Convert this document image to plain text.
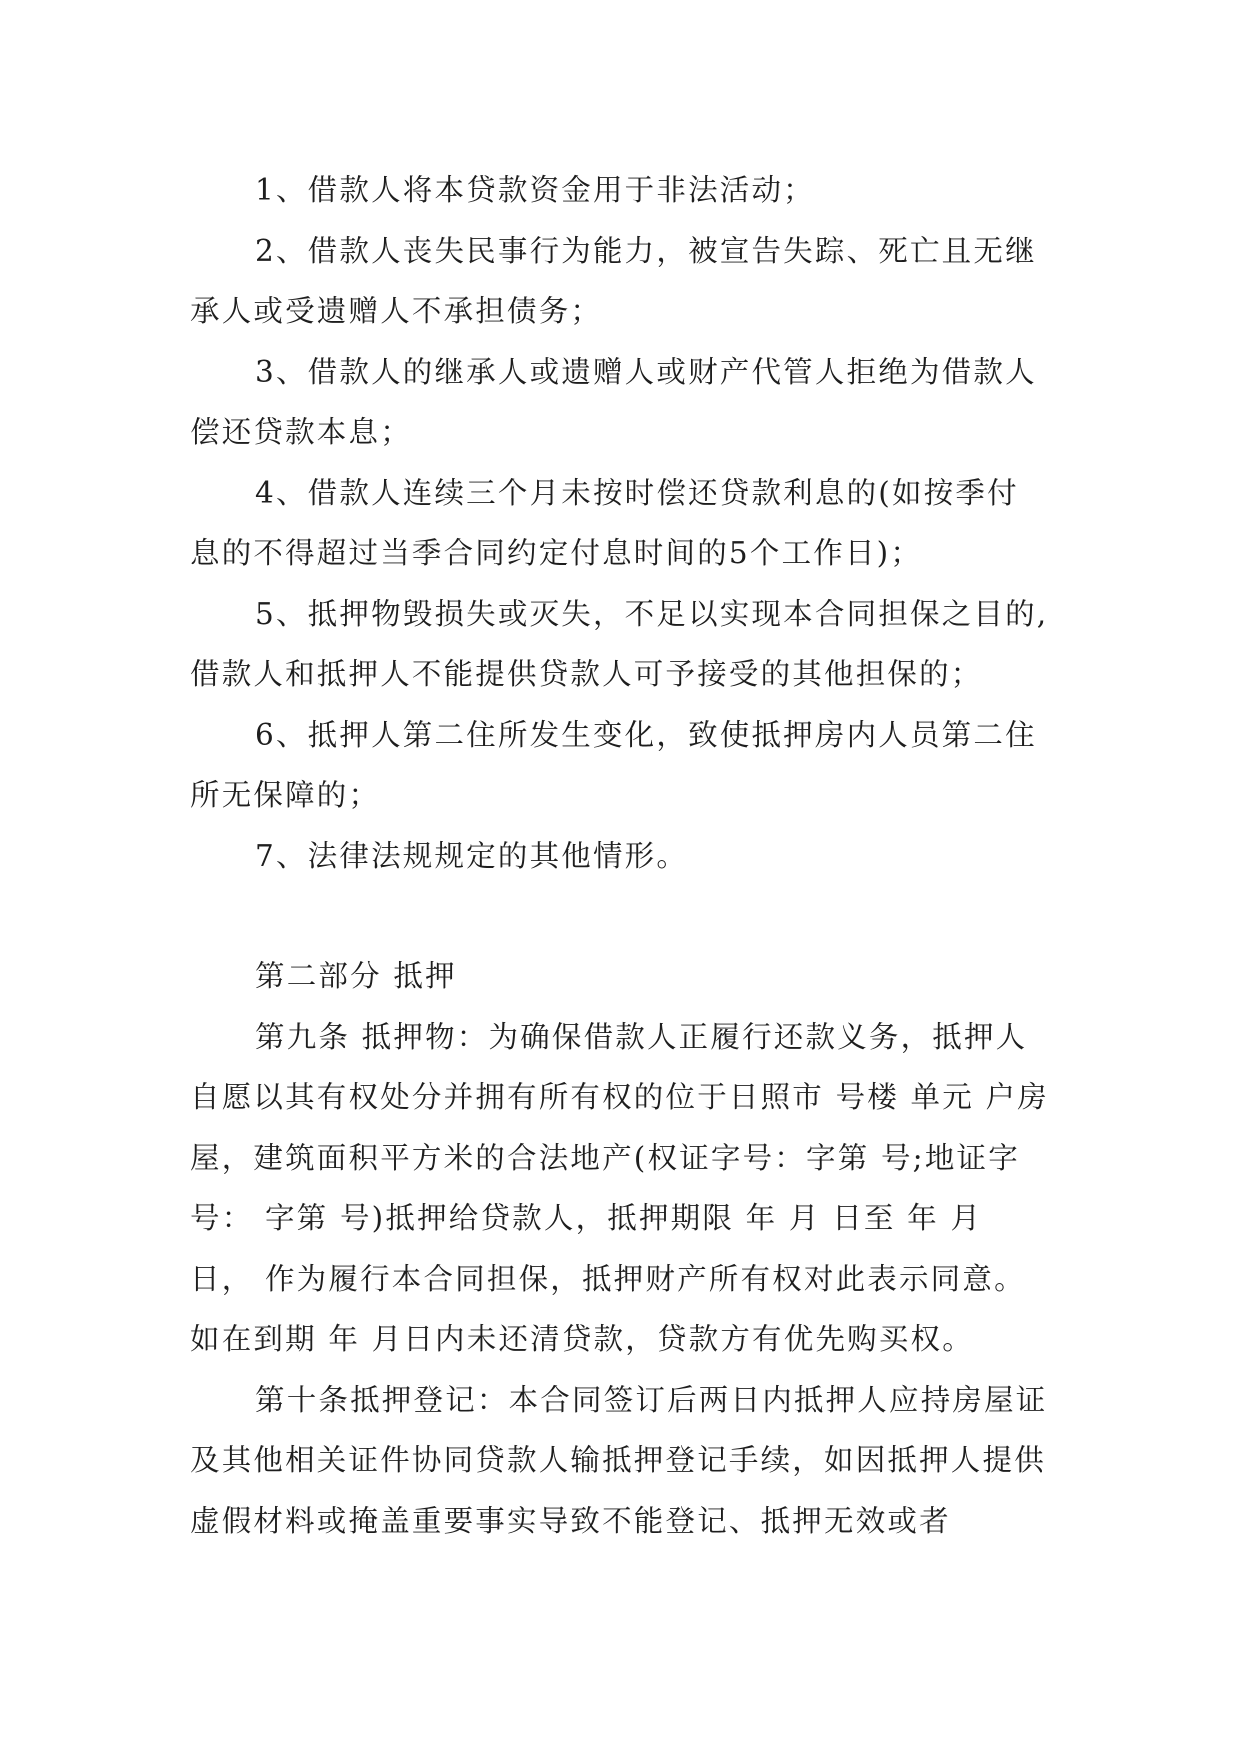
1、借款人将本贷款资金用于非法活动；

2、借款人丧失民事行为能力，被宣告失踪、死亡且无继承人或受遗赠人不承担债务；

3、借款人的继承人或遗赠人或财产代管人拒绝为借款人偿还贷款本息；

4、借款人连续三个月未按时偿还贷款利息的(如按季付息的不得超过当季合同约定付息时间的5个工作日)；

5、抵押物毁损失或灭失，不足以实现本合同担保之目的,借款人和抵押人不能提供贷款人可予接受的其他担保的；

6、抵押人第二住所发生变化，致使抵押房内人员第二住所无保障的；

7、法律法规规定的其他情形。

第二部分 抵押

第九条 抵押物：为确保借款人正履行还款义务，抵押人自愿以其有权处分并拥有所有权的位于日照市 号楼 单元 户房屋，建筑面积平方米的合法地产(权证字号：字第 号;地证字号： 字第 号)抵押给贷款人，抵押期限 年 月 日至 年 月 日， 作为履行本合同担保，抵押财产所有权对此表示同意。如在到期 年 月日内未还清贷款，贷款方有优先购买权。

第十条抵押登记：本合同签订后两日内抵押人应持房屋证及其他相关证件协同贷款人输抵押登记手续，如因抵押人提供虚假材料或掩盖重要事实导致不能登记、抵押无效或者
